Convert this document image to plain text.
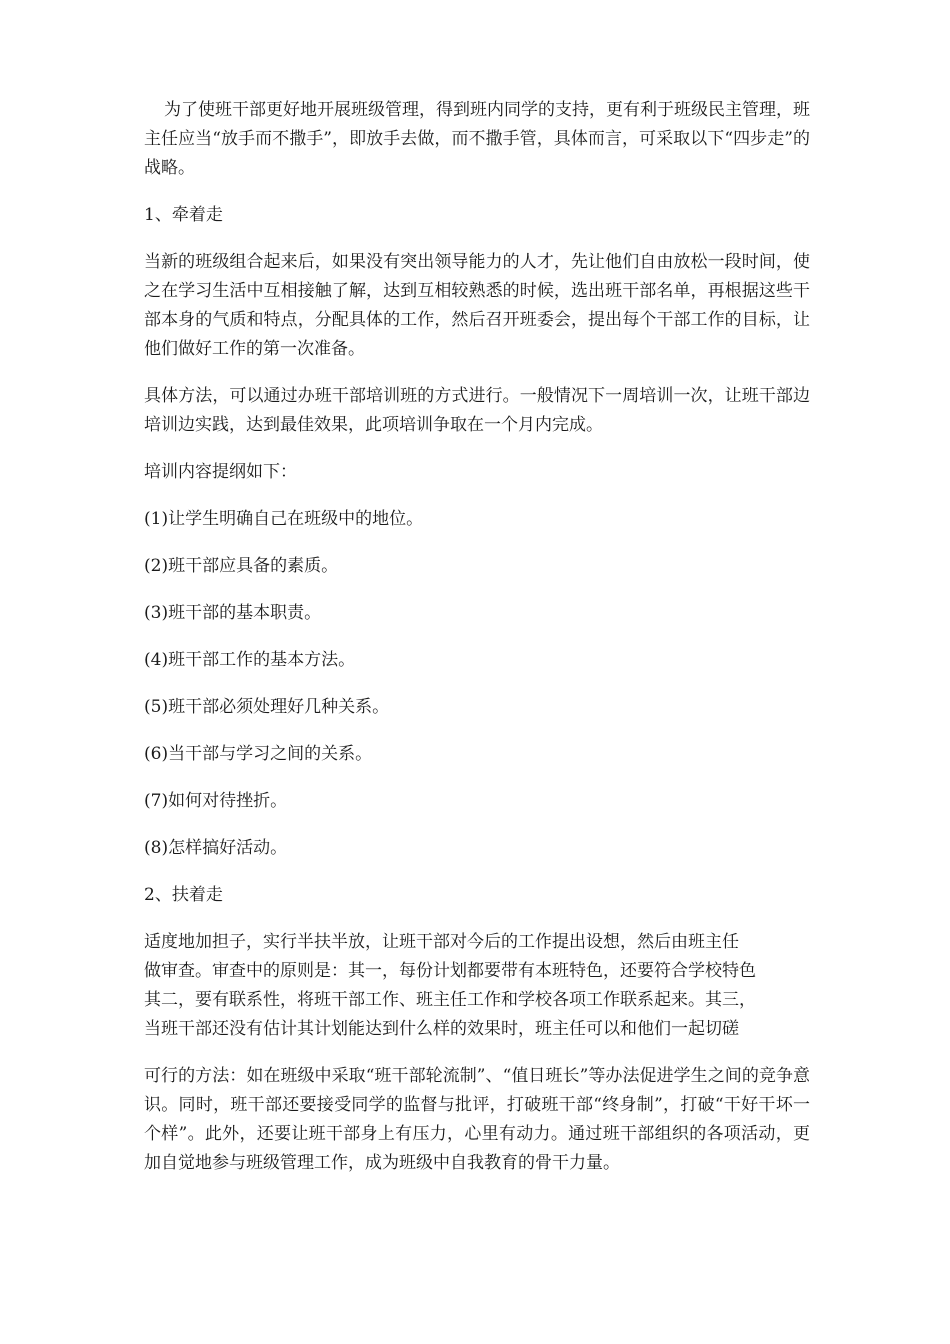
为了使班干部更好地开展班级管理，得到班内同学的支持，更有利于班级民主管理，班主任应当“放手而不撒手”，即放手去做，而不撒手管，具体而言，可采取以下“四步走”的战略。

1、牵着走

当新的班级组合起来后，如果没有突出领导能力的人才，先让他们自由放松一段时间，使之在学习生活中互相接触了解，达到互相较熟悉的时候，选出班干部名单，再根据这些干部本身的气质和特点，分配具体的工作，然后召开班委会，提出每个干部工作的目标，让他们做好工作的第一次准备。

具体方法，可以通过办班干部培训班的方式进行。一般情况下一周培训一次，让班干部边培训边实践，达到最佳效果，此项培训争取在一个月内完成。

培训内容提纲如下：
(1)让学生明确自己在班级中的地位。
(2)班干部应具备的素质。
(3)班干部的基本职责。
(4)班干部工作的基本方法。
(5)班干部必须处理好几种关系。
(6)当干部与学习之间的关系。
(7)如何对待挫折。
(8)怎样搞好活动。
2、扶着走
适度地加担子，实行半扶半放，让班干部对今后的工作提出设想，然后由班主任
做审查。审查中的原则是：其一，每份计划都要带有本班特色，还要符合学校特色
其二，要有联系性，将班干部工作、班主任工作和学校各项工作联系起来。其三，
当班干部还没有估计其计划能达到什么样的效果时，班主任可以和他们一起切磋

可行的方法：如在班级中采取“班干部轮流制”、“值日班长”等办法促进学生之间的竞争意识。同时，班干部还要接受同学的监督与批评，打破班干部“终身制”，打破“干好干坏一个样”。此外，还要让班干部身上有压力，心里有动力。通过班干部组织的各项活动，更加自觉地参与班级管理工作，成为班级中自我教育的骨干力量。
